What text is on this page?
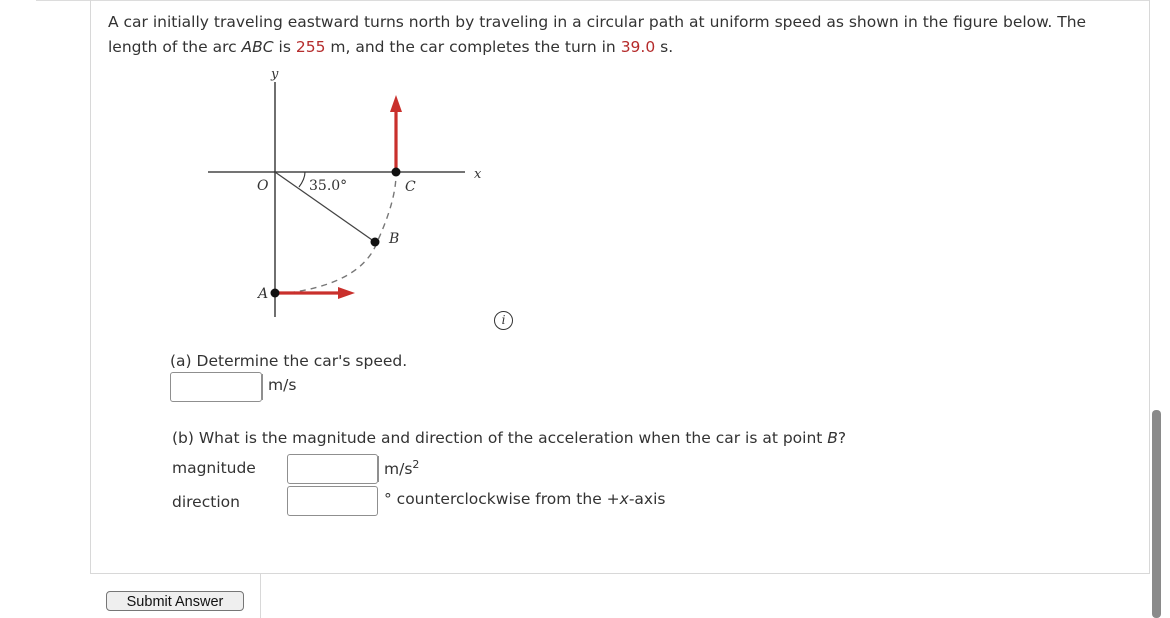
A car initially traveling eastward turns north by traveling in a circular path at uniform speed as shown in the figure below. The length of the arc ABC is 255 m, and the car completes the turn in 39.0 s.
y
x
O	35.0°
A
B
C
i
(a) Determine the car's speed.
m/s
(b) What is the magnitude and direction of the acceleration when the car is at point B?
magnitude	$m/s^2$
direction	° counterclockwise from the +x-axis
Submit Answer
